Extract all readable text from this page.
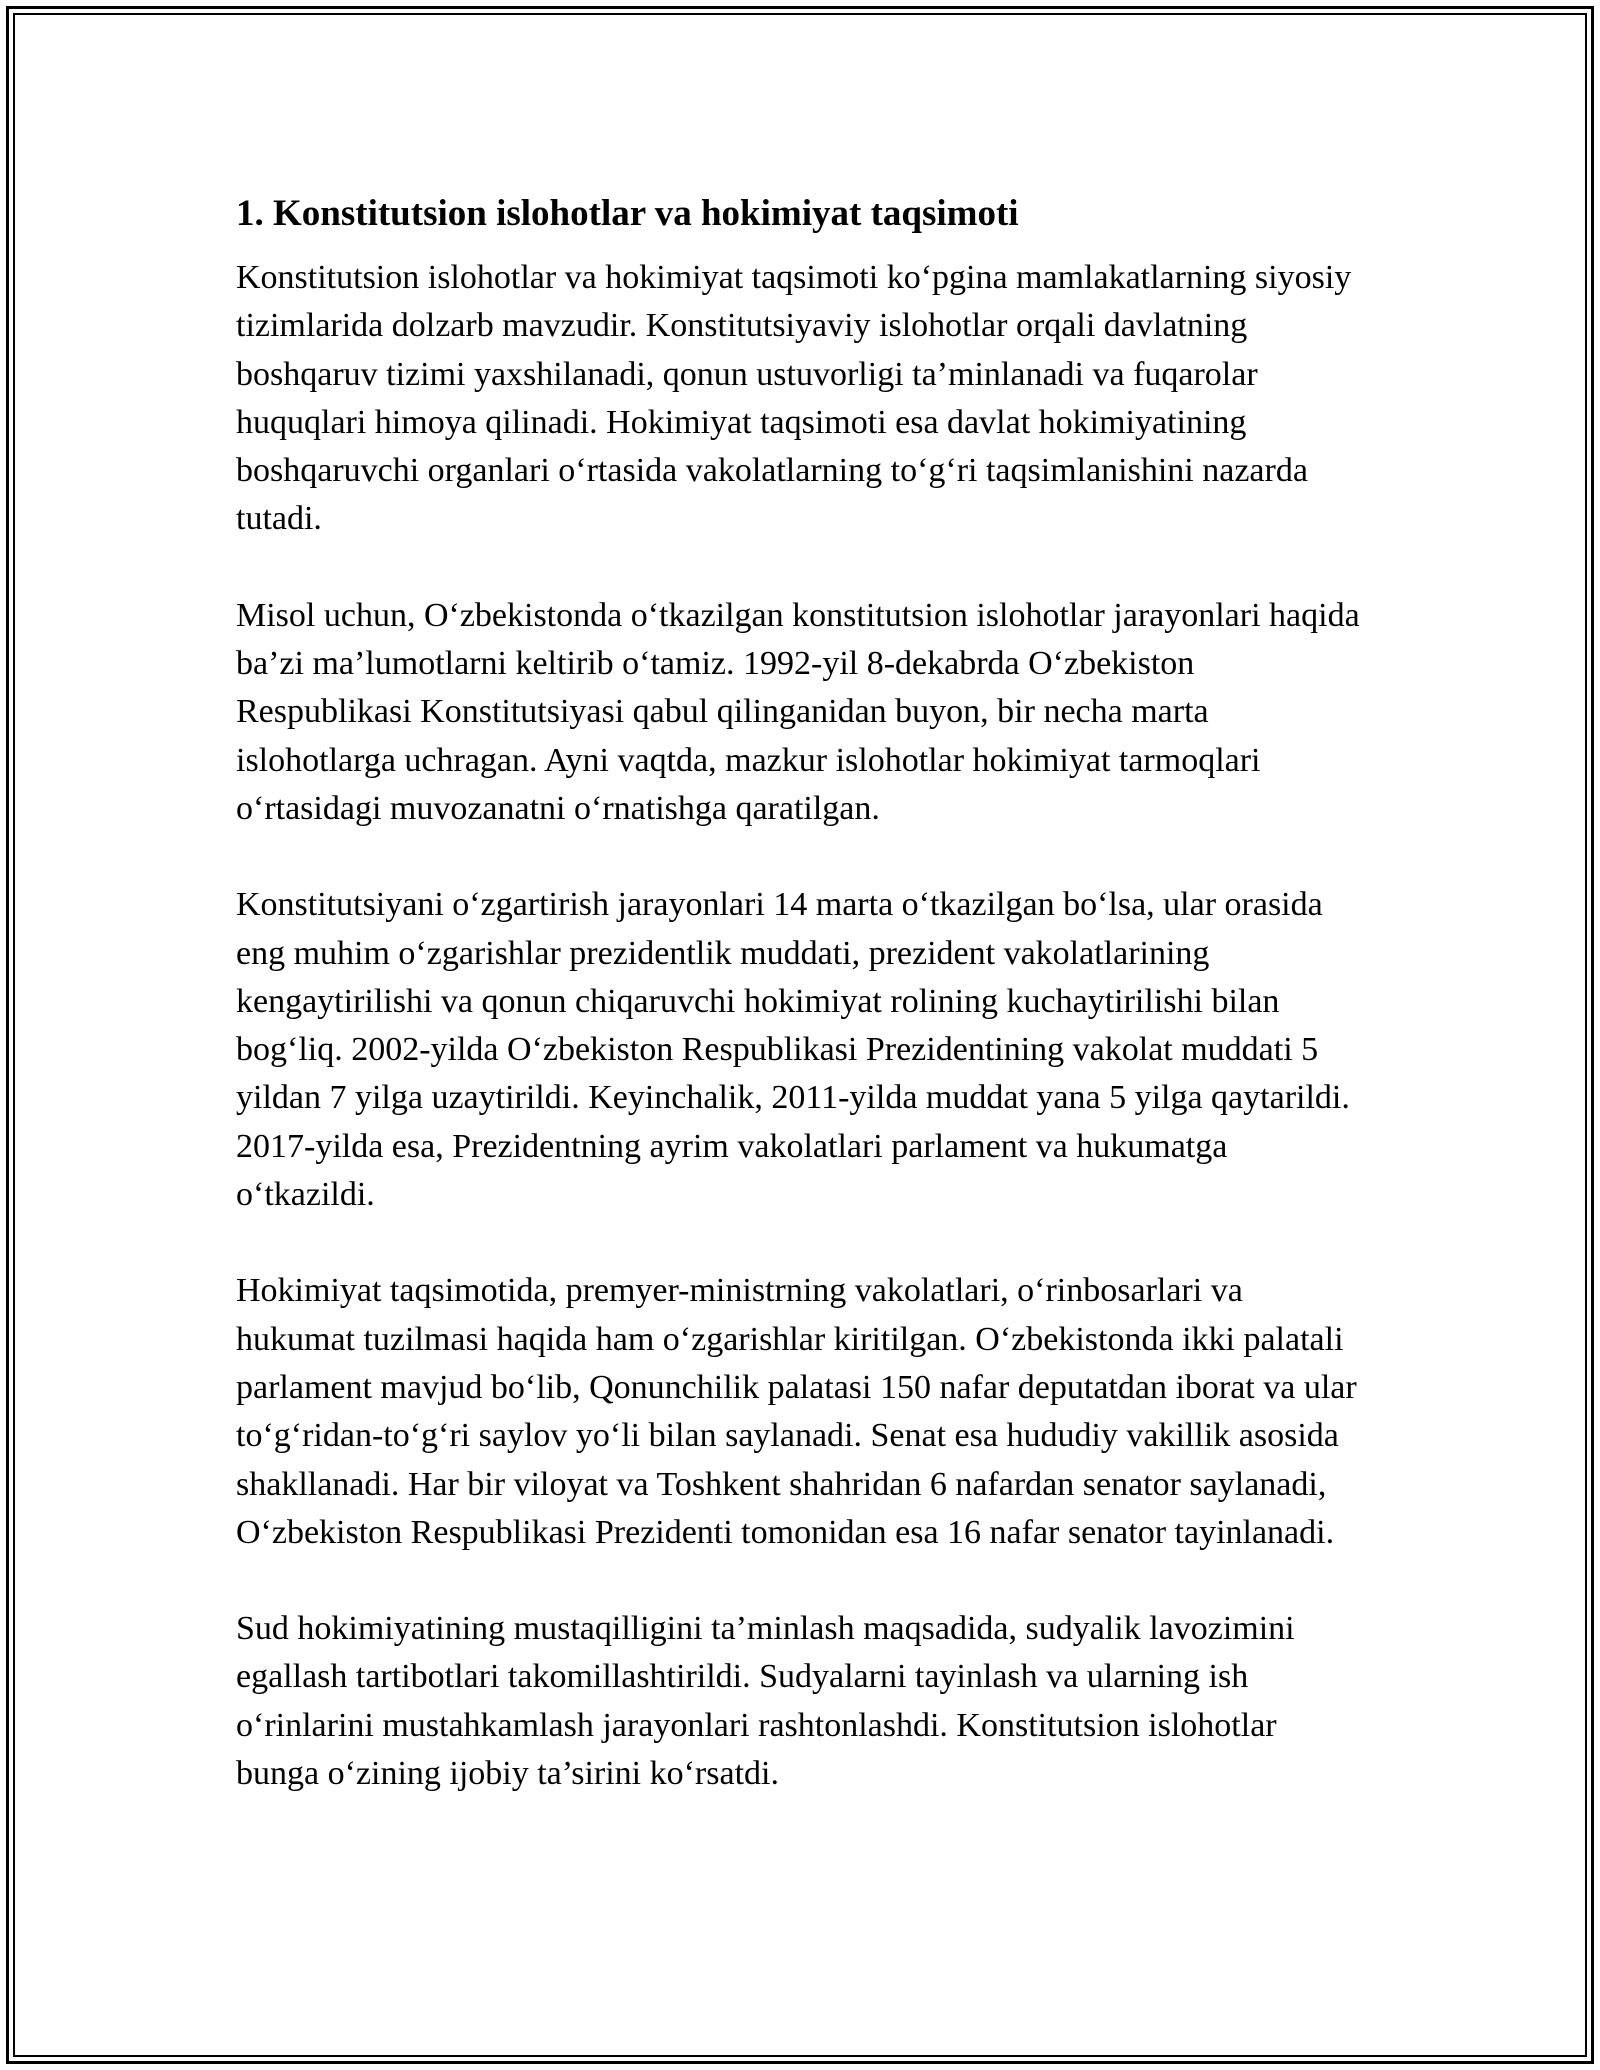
1. Konstitutsion islohotlar va hokimiyat taqsimoti

Konstitutsion islohotlar va hokimiyat taqsimoti ko‘pgina mamlakatlarning siyosiy tizimlarida dolzarb mavzudir. Konstitutsiyaviy islohotlar orqali davlatning boshqaruv tizimi yaxshilanadi, qonun ustuvorligi ta’minlanadi va fuqarolar huquqlari himoya qilinadi. Hokimiyat taqsimoti esa davlat hokimiyatining boshqaruvchi organlari o‘rtasida vakolatlarning to‘g‘ri taqsimlanishini nazarda tutadi.

Misol uchun, O‘zbekistonda o‘tkazilgan konstitutsion islohotlar jarayonlari haqida ba’zi ma’lumotlarni keltirib o‘tamiz. 1992-yil 8-dekabrda O‘zbekiston Respublikasi Konstitutsiyasi qabul qilinganidan buyon, bir necha marta islohotlarga uchragan. Ayni vaqtda, mazkur islohotlar hokimiyat tarmoqlari o‘rtasidagi muvozanatni o‘rnatishga qaratilgan.

Konstitutsiyani o‘zgartirish jarayonlari 14 marta o‘tkazilgan bo‘lsa, ular orasida eng muhim o‘zgarishlar prezidentlik muddati, prezident vakolatlarining kengaytirilishi va qonun chiqaruvchi hokimiyat rolining kuchaytirilishi bilan bog‘liq. 2002-yilda O‘zbekiston Respublikasi Prezidentining vakolat muddati 5 yildan 7 yilga uzaytirildi. Keyinchalik, 2011-yilda muddat yana 5 yilga qaytarildi. 2017-yilda esa, Prezidentning ayrim vakolatlari parlament va hukumatga o‘tkazildi.

Hokimiyat taqsimotida, premyer-ministrning vakolatlari, o‘rinbosarlari va hukumat tuzilmasi haqida ham o‘zgarishlar kiritilgan. O‘zbekistonda ikki palatali parlament mavjud bo‘lib, Qonunchilik palatasi 150 nafar deputatdan iborat va ular to‘g‘ridan-to‘g‘ri saylov yo‘li bilan saylanadi. Senat esa hududiy vakillik asosida shakllanadi. Har bir viloyat va Toshkent shahridan 6 nafardan senator saylanadi, O‘zbekiston Respublikasi Prezidenti tomonidan esa 16 nafar senator tayinlanadi.

Sud hokimiyatining mustaqilligini ta’minlash maqsadida, sudyalik lavozimini egallash tartibotlari takomillashtirildi. Sudyalarni tayinlash va ularning ish o‘rinlarini mustahkamlash jarayonlari rashtonlashdi. Konstitutsion islohotlar bunga o‘zining ijobiy ta’sirini ko‘rsatdi.
